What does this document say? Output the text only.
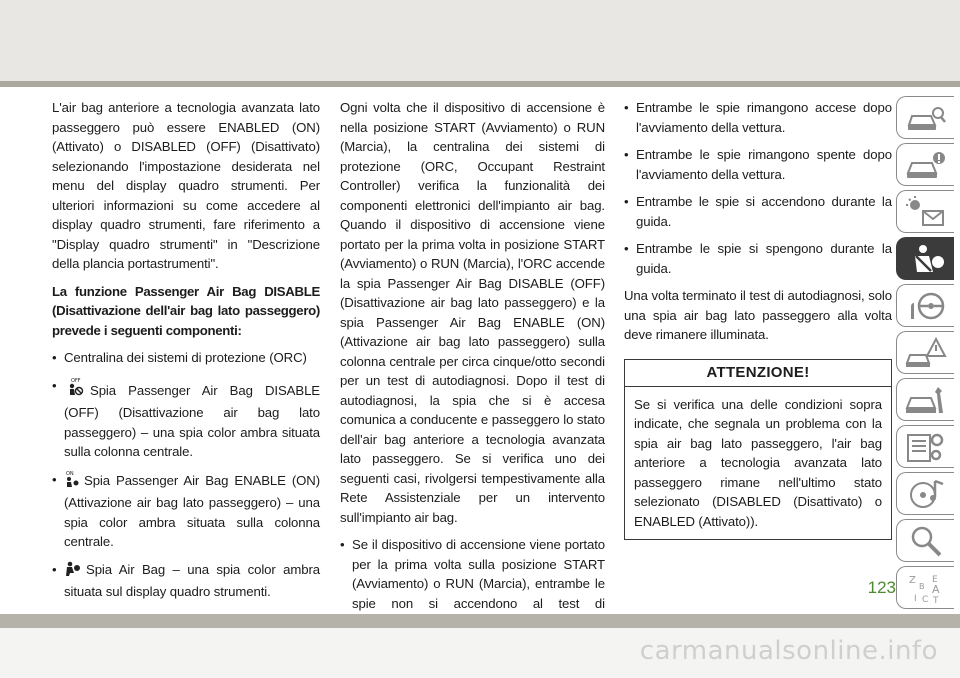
L'air bag anteriore a tecnologia avanzata lato passeggero può essere ENABLED (ON) (Attivato) o DISABLED (OFF) (Disattivato) selezionando l'impostazione desiderata nel menu del display quadro strumenti. Per ulteriori informazioni su come accedere al display quadro strumenti, fare riferimento a "Display quadro strumenti" in "Descrizione della plancia portastrumenti".

La funzione Passenger Air Bag DISABLE (Disattivazione dell'air bag lato passeggero) prevede i seguenti componenti:

• Centralina dei sistemi di protezione (ORC)
•	OFF
Spia Passenger Air Bag DISABLE (OFF) (Disattivazione air bag lato passeggero) – una spia color ambra situata sulla colonna centrale.
• ON Spia Passenger Air Bag ENABLE (ON) (Attivazione air bag lato passeggero) – una spia color ambra situata sulla colonna centrale.
• Spia Air Bag – una spia color ambra situata sul display quadro strumenti.

Ogni volta che il dispositivo di accensione è nella posizione START (Avviamento) o RUN (Marcia), la centralina dei sistemi di protezione (ORC, Occupant Restraint Controller) verifica la funzionalità dei componenti elettronici dell'impianto air bag. Quando il dispositivo di accensione viene portato per la prima volta in posizione START (Avviamento) o RUN (Marcia), l'ORC accende la spia Passenger Air Bag DISABLE (OFF) (Disattivazione air bag lato passeggero) e la spia Passenger Air Bag ENABLE (ON) (Attivazione air bag lato passeggero) sulla colonna centrale per circa cinque/otto secondi per un test di autodiagnosi. Dopo il test di autodiagnosi, la spia che si è accesa comunica a conducente e passeggero lo stato dell'air bag anteriore a tecnologia avanzata lato passeggero. Se si verifica uno dei seguenti casi, rivolgersi tempestivamente alla Rete Assistenziale per un intervento sull'impianto air bag.

• Se il dispositivo di accensione viene portato per la prima volta sulla posizione START (Avviamento) o RUN (Marcia), entrambe le spie non si accendono al test di
• Entrambe le spie rimangono accese dopo l'avviamento della vettura.
• Entrambe le spie rimangono spente dopo l'avviamento della vettura.
• Entrambe le spie si accendono durante la guida.
• Entrambe le spie si spengono durante la guida.

Una volta terminato il test di autodiagnosi, solo una spia air bag lato passeggero alla volta deve rimanere illuminata.

ATTENZIONE!
Se si verifica una delle condizioni sopra indicate, che segnala un problema con la spia air bag lato passeggero, l'air bag anteriore a tecnologia avanzata lato passeggero rimane nell'ultimo stato selezionato (DISABLED (Disattivato) o ENABLED (Attivato)).
Z E
B A
I C T
123
carmanualsonline.info
